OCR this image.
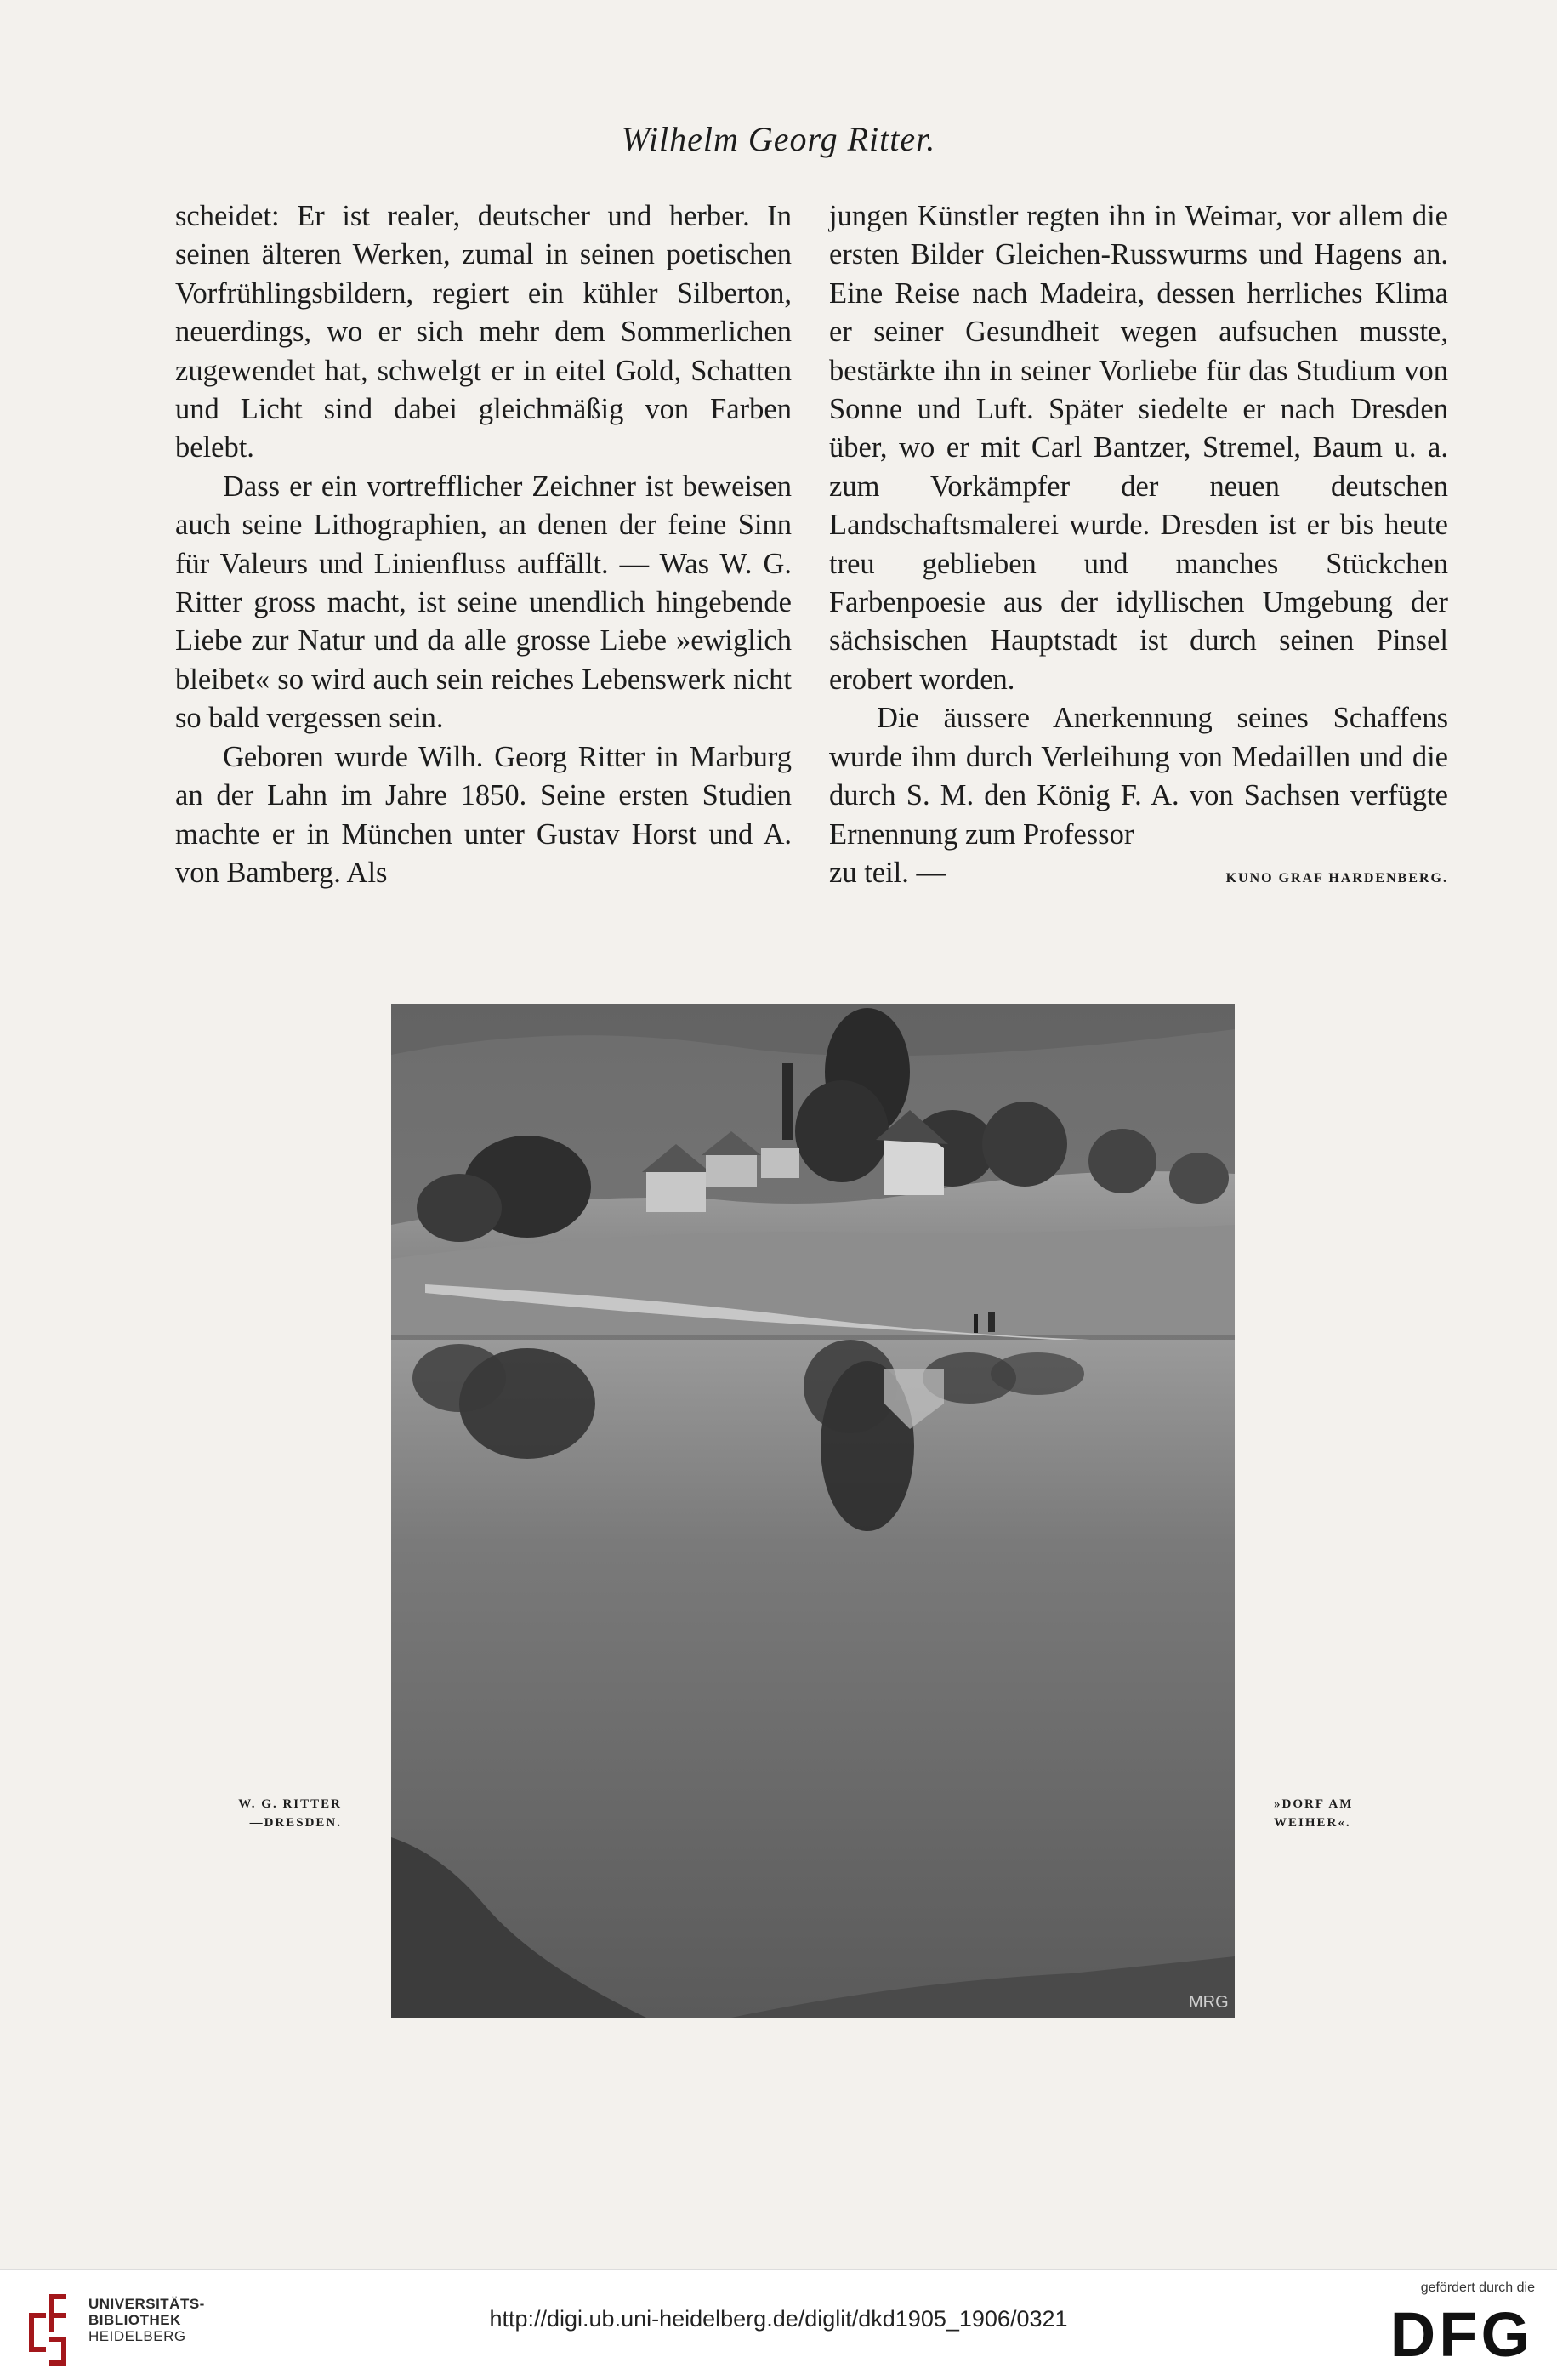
Wilhelm Georg Ritter.

scheidet: Er ist realer, deutscher und herber. In seinen älteren Werken, zumal in seinen poetischen Vorfrühlingsbildern, regiert ein kühler Silberton, neuerdings, wo er sich mehr dem Sommerlichen zugewendet hat, schwelgt er in eitel Gold, Schatten und Licht sind dabei gleichmäßig von Farben belebt.

Dass er ein vortrefflicher Zeichner ist beweisen auch seine Lithographien, an denen der feine Sinn für Valeurs und Linienfluss auffällt. — Was W. G. Ritter gross macht, ist seine unendlich hingebende Liebe zur Natur und da alle grosse Liebe »ewiglich bleibet« so wird auch sein reiches Lebenswerk nicht so bald vergessen sein.

Geboren wurde Wilh. Georg Ritter in Marburg an der Lahn im Jahre 1850. Seine ersten Studien machte er in München unter Gustav Horst und A. von Bamberg. Als

jungen Künstler regten ihn in Weimar, vor allem die ersten Bilder Gleichen-Russwurms und Hagens an. Eine Reise nach Madeira, dessen herrliches Klima er seiner Gesundheit wegen aufsuchen musste, bestärkte ihn in seiner Vorliebe für das Studium von Sonne und Luft. Später siedelte er nach Dresden über, wo er mit Carl Bantzer, Stremel, Baum u. a. zum Vorkämpfer der neuen deutschen Landschaftsmalerei wurde. Dresden ist er bis heute treu geblieben und manches Stückchen Farbenpoesie aus der idyllischen Umgebung der sächsischen Hauptstadt ist durch seinen Pinsel erobert worden.

Die äussere Anerkennung seines Schaffens wurde ihm durch Verleihung von Medaillen und die durch S. M. den König F. A. von Sachsen verfügte Ernennung zum Professor

zu teil. —	KUNO GRAF HARDENBERG.

W. G. RITTER
—DRESDEN.
MRG
»DORF AM
WEIHER«.
UNIVERSITÄTS-
BIBLIOTHEK
HEIDELBERG
http://digi.ub.uni-heidelberg.de/diglit/dkd1905_1906/0321
gefördert durch die
DFG
